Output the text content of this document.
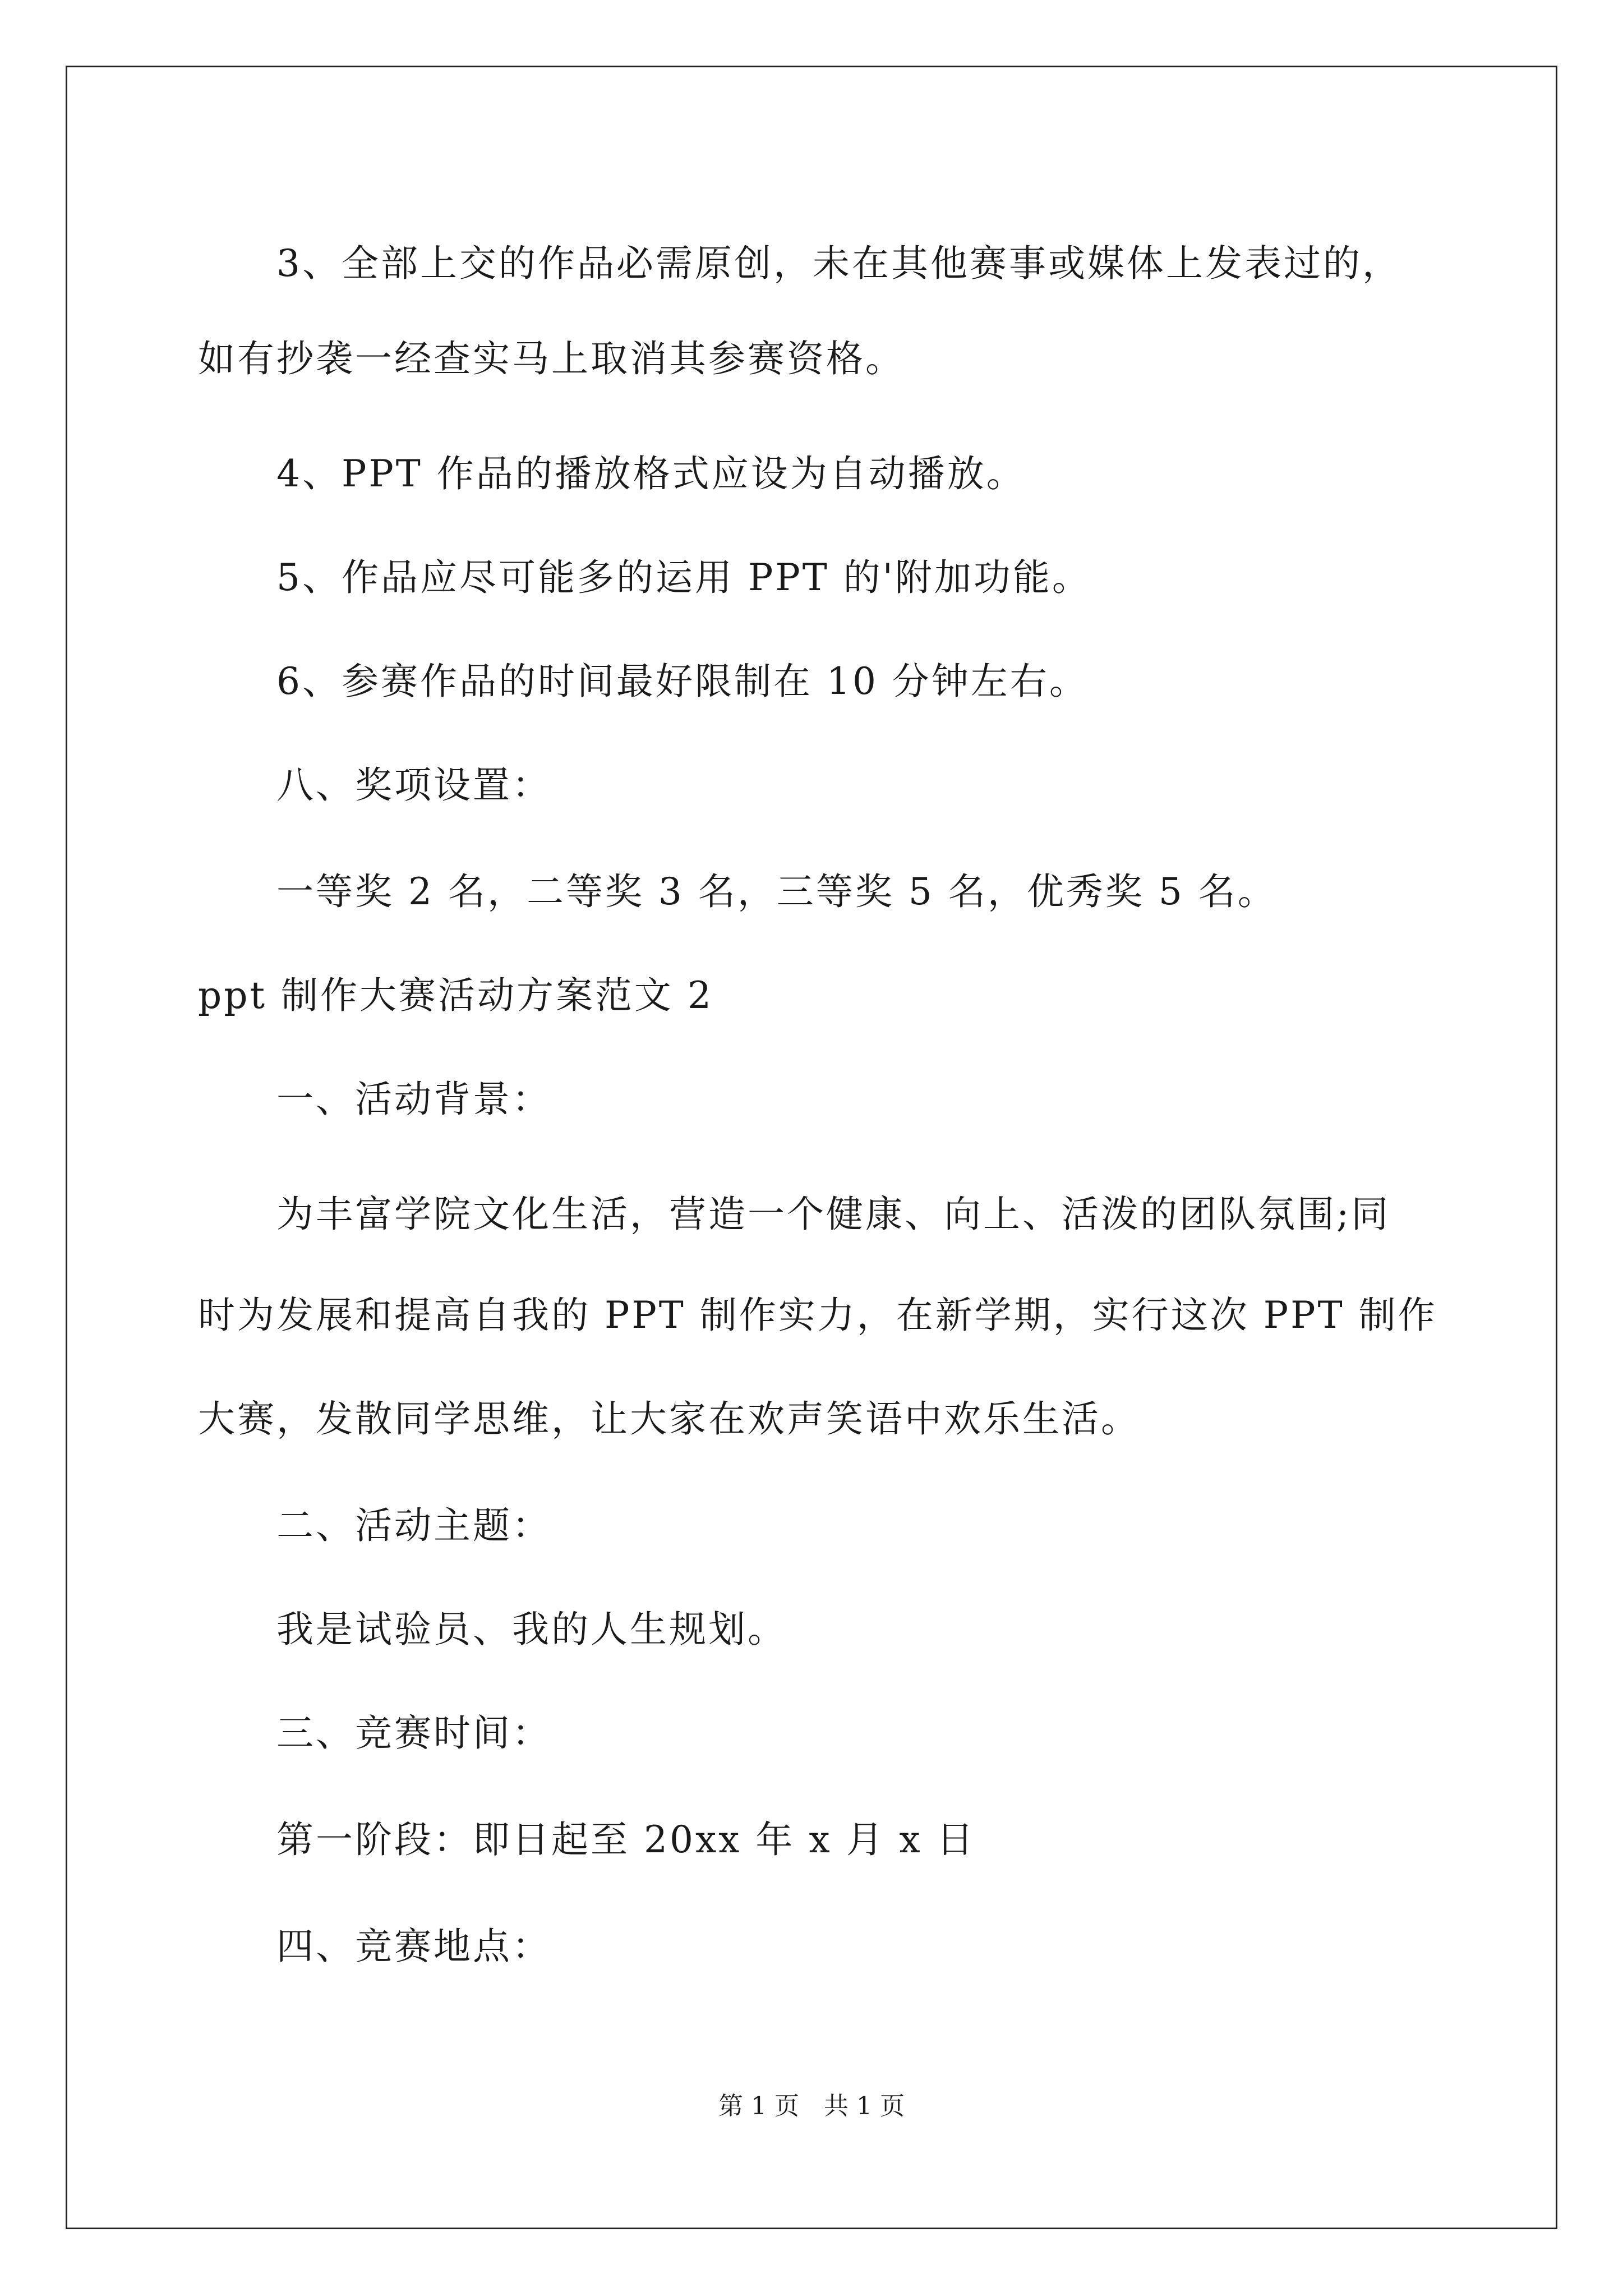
　　3、全部上交的作品必需原创，未在其他赛事或媒体上发表过的，
如有抄袭一经查实马上取消其参赛资格。
　　4、PPT 作品的播放格式应设为自动播放。
　　5、作品应尽可能多的运用 PPT 的'附加功能。
　　6、参赛作品的时间最好限制在 10 分钟左右。
　　八、奖项设置：
　　一等奖 2 名，二等奖 3 名，三等奖 5 名，优秀奖 5 名。
ppt 制作大赛活动方案范文 2
　　一、活动背景：
　　为丰富学院文化生活，营造一个健康、向上、活泼的团队氛围;同
时为发展和提高自我的 PPT 制作实力，在新学期，实行这次 PPT 制作
大赛，发散同学思维，让大家在欢声笑语中欢乐生活。
　　二、活动主题：
　　我是试验员、我的人生规划。
　　三、竞赛时间：
　　第一阶段：即日起至 20xx 年 x 月 x 日
　　四、竞赛地点：
第 1 页　共 1 页
